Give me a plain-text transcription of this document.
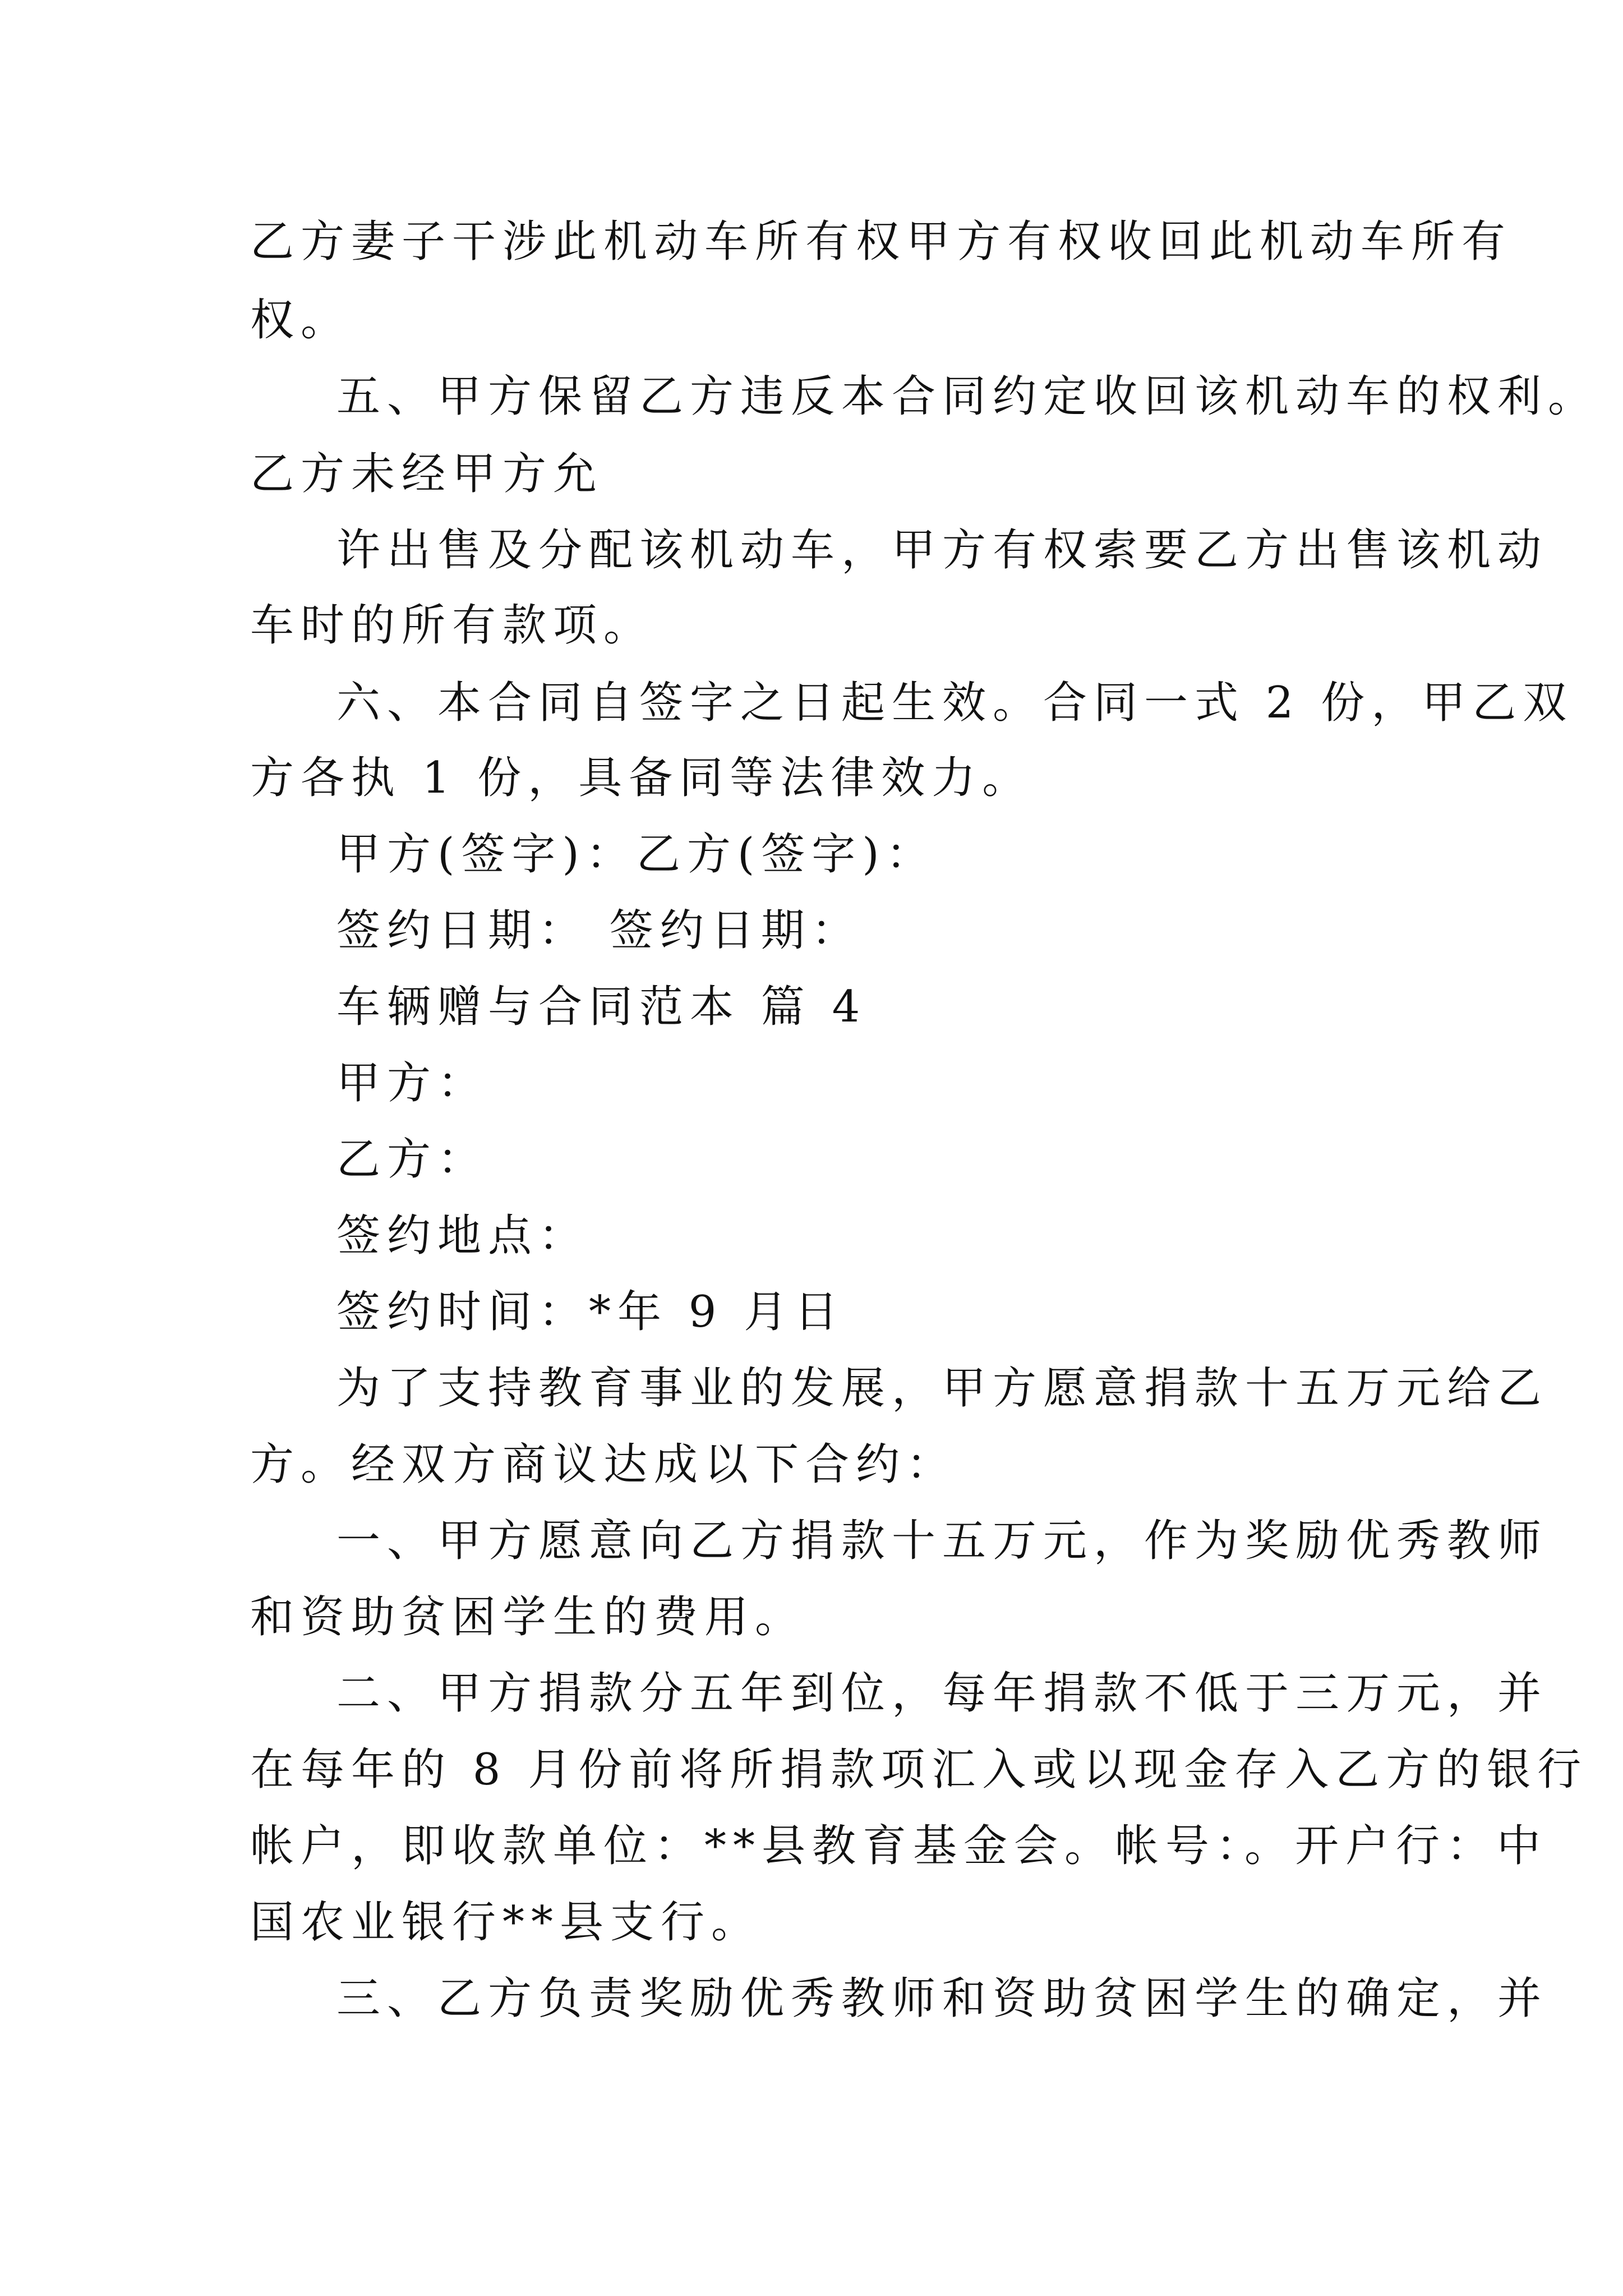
乙方妻子干涉此机动车所有权甲方有权收回此机动车所有

权。

五、甲方保留乙方违反本合同约定收回该机动车的权利。

乙方未经甲方允

许出售及分配该机动车，甲方有权索要乙方出售该机动

车时的所有款项。

六、本合同自签字之日起生效。合同一式 2 份，甲乙双

方各执 1 份，具备同等法律效力。

甲方(签字)：乙方(签字)：

签约日期： 签约日期：

车辆赠与合同范本 篇 4

甲方：

乙方：

签约地点：

签约时间：*年 9 月日

为了支持教育事业的发展，甲方愿意捐款十五万元给乙

方。经双方商议达成以下合约：

一、甲方愿意向乙方捐款十五万元，作为奖励优秀教师

和资助贫困学生的费用。

二、甲方捐款分五年到位，每年捐款不低于三万元，并

在每年的 8 月份前将所捐款项汇入或以现金存入乙方的银行

帐户，即收款单位：**县教育基金会。帐号：。开户行：中

国农业银行**县支行。

三、乙方负责奖励优秀教师和资助贫困学生的确定，并
